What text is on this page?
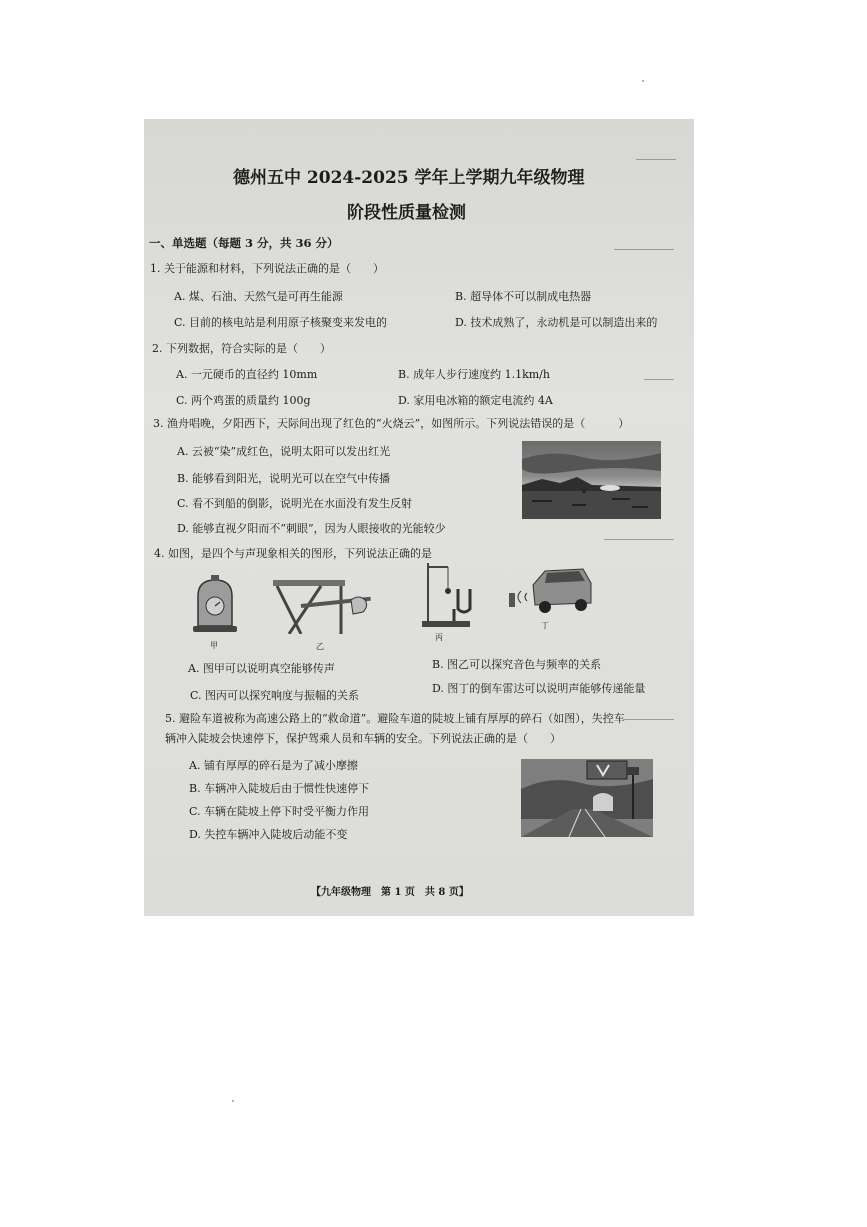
德州五中 2024-2025 学年上学期九年级物理
阶段性质量检测
一、单选题（每题 3 分，共 36 分）
1. 关于能源和材料，下列说法正确的是（　　）
A. 煤、石油、天然气是可再生能源	B. 超导体不可以制成电热器
C. 目前的核电站是利用原子核聚变来发电的	D. 技术成熟了，永动机是可以制造出来的
2. 下列数据，符合实际的是（　　）
A. 一元硬币的直径约 10mm	B. 成年人步行速度约 1.1km/h
C. 两个鸡蛋的质量约 100g	D. 家用电冰箱的额定电流约 4A
3. 渔舟唱晚，夕阳西下，天际间出现了红色的“火烧云”，如图所示。下列说法错误的是（　　　）
A. 云被“染”成红色，说明太阳可以发出红光
B. 能够看到阳光，说明光可以在空气中传播
C. 看不到船的倒影，说明光在水面没有发生反射
D. 能够直视夕阳而不“刺眼”，因为人眼接收的光能较少
4. 如图，是四个与声现象相关的图形，下列说法正确的是
甲	乙
丙
丁
A. 图甲可以说明真空能够传声	B. 图乙可以探究音色与频率的关系
C. 图丙可以探究响度与振幅的关系
D. 图丁的倒车雷达可以说明声能够传递能量
5. 避险车道被称为高速公路上的“救命道”。避险车道的陡坡上铺有厚厚的碎石（如图），失控车
辆冲入陡坡会快速停下，保护驾乘人员和车辆的安全。下列说法正确的是（　　）
A. 铺有厚厚的碎石是为了减小摩擦
B. 车辆冲入陡坡后由于惯性快速停下
C. 车辆在陡坡上停下时受平衡力作用
D. 失控车辆冲入陡坡后动能不变
【九年级物理　第 1 页　共 8 页】
